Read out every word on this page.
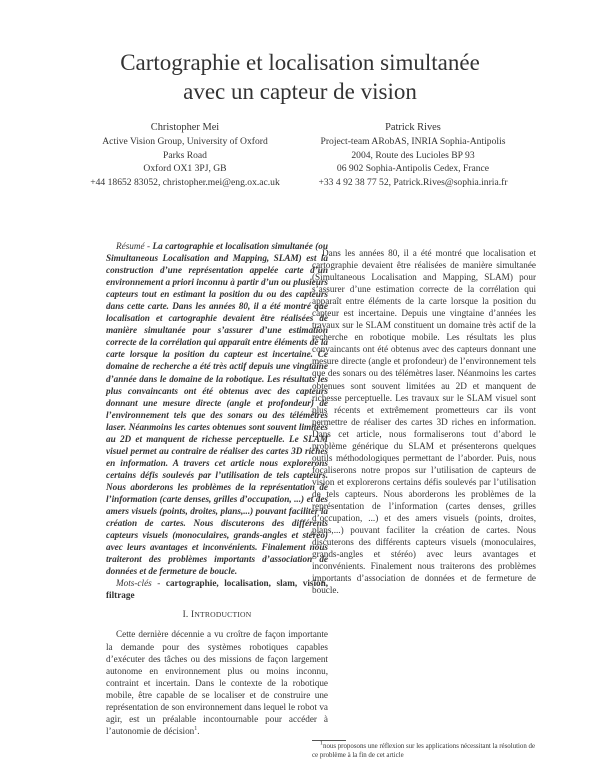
Cartographie et localisation simultanée
avec un capteur de vision
Christopher Mei
Active Vision Group, University of Oxford
Parks Road
Oxford OX1 3PJ, GB
+44 18652 83052, christopher.mei@eng.ox.ac.uk
Patrick Rives
Project-team ARobAS, INRIA Sophia-Antipolis
2004, Route des Lucioles BP 93
06 902 Sophia-Antipolis Cedex, France
+33 4 92 38 77 52, Patrick.Rives@sophia.inria.fr

Résumé - La cartographie et localisation simultanée (ou Simultaneous Localisation and Mapping, SLAM) est la construction d’une représentation appelée carte d’un environnement a priori inconnu à partir d’un ou plusieurs capteurs tout en estimant la position du ou des capteurs dans cette carte. Dans les années 80, il a été montré que localisation et cartographie devaient être réalisées de manière simultanée pour s’assurer d’une estimation correcte de la corrélation qui apparaît entre éléments de la carte lorsque la position du capteur est incertaine. Ce domaine de recherche a été très actif depuis une vingtaine d’année dans le domaine de la robotique. Les résultats les plus convaincants ont été obtenus avec des capteurs donnant une mesure directe (angle et profondeur) de l’environnement tels que des sonars ou des télémètres laser. Néanmoins les cartes obtenues sont souvent limitées au 2D et manquent de richesse perceptuelle. Le SLAM visuel permet au contraire de réaliser des cartes 3D riches en information. A travers cet article nous explorerons certains défis soulevés par l’utilisation de tels capteurs. Nous aborderons les problèmes de la représentation de l’information (carte denses, grilles d’occupation, ...) et des amers visuels (points, droites, plans,...) pouvant faciliter la création de cartes. Nous discuterons des différents capteurs visuels (monoculaires, grands-angles et stéréo) avec leurs avantages et inconvénients. Finalement nous traiteront des problèmes importants d’association de données et de fermeture de boucle.

Mots-clés - cartographie, localisation, slam, vision, filtrage

I. INTRODUCTION

Cette dernière décennie a vu croître de façon importante la demande pour des systèmes robotiques capables d’exécuter des tâches ou des missions de façon largement autonome en environnement plus ou moins inconnu, contraint et incertain. Dans le contexte de la robotique mobile, être capable de se localiser et de construire une représentation de son environnement dans lequel le robot va agir, est un préalable incontournable pour accéder à l’autonomie de décision$^1$.

Dans les années 80, il a été montré que localisation et cartographie devaient être réalisées de manière simultanée (Simultaneous Localisation and Mapping, SLAM) pour s’assurer d’une estimation correcte de la corrélation qui apparaît entre éléments de la carte lorsque la position du capteur est incertaine. Depuis une vingtaine d’années les travaux sur le SLAM constituent un domaine très actif de la recherche en robotique mobile. Les résultats les plus convaincants ont été obtenus avec des capteurs donnant une mesure directe (angle et profondeur) de l’environnement tels que des sonars ou des télémètres laser. Néanmoins les cartes obtenues sont souvent limitées au 2D et manquent de richesse perceptuelle. Les travaux sur le SLAM visuel sont plus récents et extrêmement prometteurs car ils vont permettre de réaliser des cartes 3D riches en information. Dans cet article, nous formaliserons tout d’abord le problème générique du SLAM et présenterons quelques outils méthodologiques permettant de l’aborder. Puis, nous focaliserons notre propos sur l’utilisation de capteurs de vision et explorerons certains défis soulevés par l’utilisation de tels capteurs. Nous aborderons les problèmes de la représentation de l’information (cartes denses, grilles d’occupation, ...) et des amers visuels (points, droites, plans,...) pouvant faciliter la création de cartes. Nous discuterons des différents capteurs visuels (monoculaires, grands-angles et stéréo) avec leurs avantages et inconvénients. Finalement nous traiterons des problèmes importants d’association de données et de fermeture de boucle.

$^1$nous proposons une réflexion sur les applications nécessitant la résolution de ce problème à la fin de cet article
